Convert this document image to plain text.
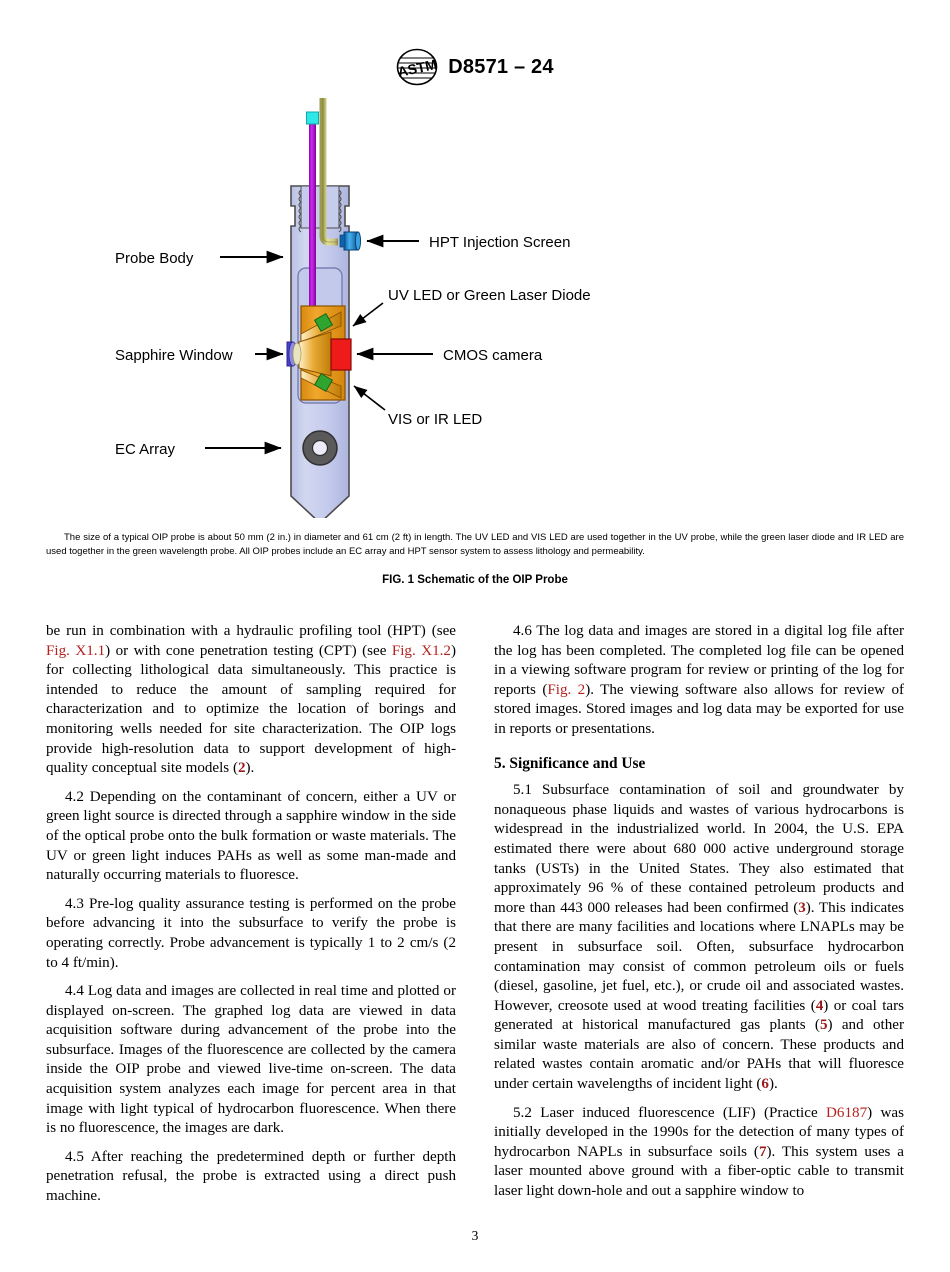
ASTM D8571 – 24
Probe Body
Sapphire Window
EC Array
HPT Injection Screen
UV LED or Green Laser Diode
CMOS camera
VIS or IR LED
The size of a typical OIP probe is about 50 mm (2 in.) in diameter and 61 cm (2 ft) in length. The UV LED and VIS LED are used together in the UV probe, while the green laser diode and IR LED are used together in the green wavelength probe. All OIP probes include an EC array and HPT sensor system to assess lithology and permeability.
FIG. 1 Schematic of the OIP Probe

be run in combination with a hydraulic profiling tool (HPT) (see Fig. X1.1) or with cone penetration testing (CPT) (see Fig. X1.2) for collecting lithological data simultaneously. This practice is intended to reduce the amount of sampling required for characterization and to optimize the location of borings and monitoring wells needed for site characterization. The OIP logs provide high-resolution data to support development of high-quality conceptual site models (2).

4.2 Depending on the contaminant of concern, either a UV or green light source is directed through a sapphire window in the side of the optical probe onto the bulk formation or waste materials. The UV or green light induces PAHs as well as some man-made and naturally occurring materials to fluoresce.

4.3 Pre-log quality assurance testing is performed on the probe before advancing it into the subsurface to verify the probe is operating correctly. Probe advancement is typically 1 to 2 cm/s (2 to 4 ft/min).

4.4 Log data and images are collected in real time and plotted or displayed on-screen. The graphed log data are viewed in data acquisition software during advancement of the probe into the subsurface. Images of the fluorescence are collected by the camera inside the OIP probe and viewed live-time on-screen. The data acquisition system analyzes each image for percent area in that image with light typical of hydrocarbon fluorescence. When there is no fluorescence, the images are dark.

4.5 After reaching the predetermined depth or further depth penetration refusal, the probe is extracted using a direct push machine.

4.6 The log data and images are stored in a digital log file after the log has been completed. The completed log file can be opened in a viewing software program for review or printing of the log for reports (Fig. 2). The viewing software also allows for review of stored images. Stored images and log data may be exported for use in reports or presentations.

5. Significance and Use

5.1 Subsurface contamination of soil and groundwater by nonaqueous phase liquids and wastes of various hydrocarbons is widespread in the industrialized world. In 2004, the U.S. EPA estimated there were about 680 000 active underground storage tanks (USTs) in the United States. They also estimated that approximately 96 % of these contained petroleum products and more than 443 000 releases had been confirmed (3). This indicates that there are many facilities and locations where LNAPLs may be present in subsurface soil. Often, subsurface hydrocarbon contamination may consist of common petroleum oils or fuels (diesel, gasoline, jet fuel, etc.), or crude oil and associated wastes. However, creosote used at wood treating facilities (4) or coal tars generated at historical manufactured gas plants (5) and other similar waste materials are also of concern. These products and related wastes contain aromatic and/or PAHs that will fluoresce under certain wavelengths of incident light (6).

5.2 Laser induced fluorescence (LIF) (Practice D6187) was initially developed in the 1990s for the detection of many types of hydrocarbon NAPLs in subsurface soils (7). This system uses a laser mounted above ground with a fiber-optic cable to transmit laser light down-hole and out a sapphire window to

3
